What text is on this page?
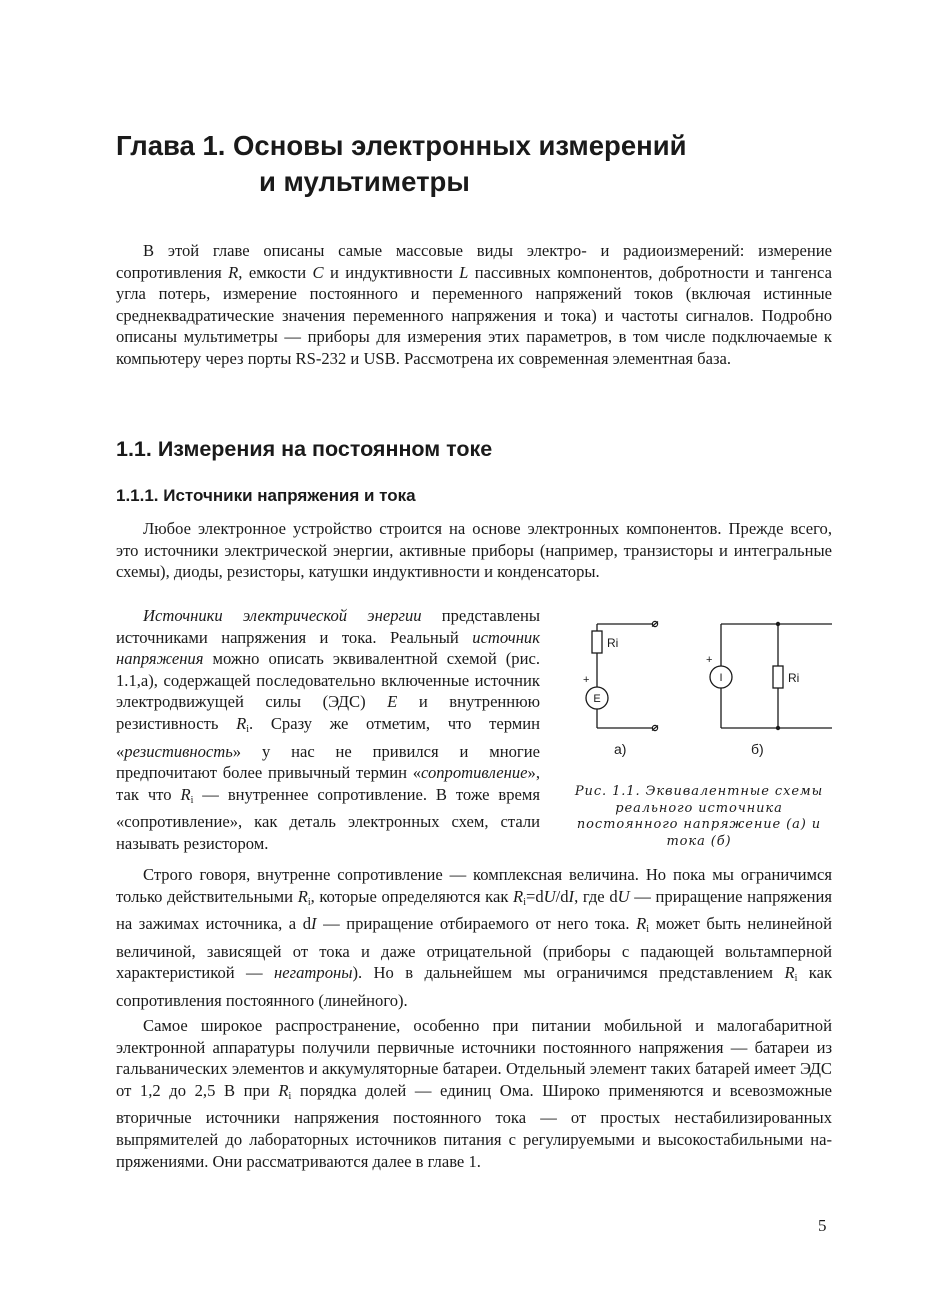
Глава 1. Основы электронных измерений
и мультиметры

В этой главе описаны самые массовые виды электро- и радиоизмерений: измерение сопротивления R, емкости C и индуктивности L пассивных компонентов, добротности и тангенса угла потерь, измерение постоянного и переменного напряжений токов (включая истинные среднеквадратические значения переменного напряжения и тока) и частоты сигналов. Подробно описаны мультиметры — приборы для измерения этих параметров, в том числе подключаемые к компьютеру через порты RS-232 и USB. Рассмотрена их современная элементная база.

1.1. Измерения на постоянном токе
1.1.1. Источники напряжения и тока

Любое электронное устройство строится на основе электронных компонентов. Прежде всего, это источники электрической энергии, активные приборы (например, транзисторы и интегральные схемы), диоды, резисторы, катушки индуктивности и конденсаторы.

Источники электрической энергии представлены источниками напряжения и тока. Реальный источник напряжения можно описать эквивалентной схемой (рис. 1.1,а), содержащей последовательно включенные источник электродвижущей силы (ЭДС) E и внутреннюю резистивность $R_i$. Сразу же отметим, что термин «резистивность» у нас не привился и многие предпочитают более привычный термин «сопротивление», так что $R_i$ — внутреннее сопротивление. В тоже время «сопротивление», как деталь электронных схем, стали называть резистором.

Ri
Ri
E
I
+
+
а)	б)

Рис. 1.1. Эквивалентные схемы реального источника постоянного напряжение (а) и тока (б)

Строго говоря, внутренне сопротивление — комплексная величина. Но пока мы ограничимся только действительными $R_i$, которые определяются как $R_i=dU/dI$, где dU — приращение напряжения на зажимах источника, а dI — приращение отбираемого от него тока. $R_i$ может быть нелинейной величиной, зависящей от тока и даже отрицательной (приборы с падающей вольтамперной характеристикой — негатроны). Но в дальнейшем мы ограничимся представлением $R_i$ как сопротивления постоянного (линейного).

Самое широкое распространение, особенно при питании мобильной и малогабаритной электронной аппаратуры получили первичные источники постоянного напряжения — батареи из гальванических элементов и аккумуляторные батареи. Отдельный элемент таких батарей имеет ЭДС от 1,2 до 2,5 В при $R_i$ порядка долей — единиц Ома. Широко применяются и всевозможные вторичные источники напряжения постоянного тока — от простых нестабилизированных выпрямителей до лабораторных источников питания с регулируемыми и высокостабильными напряжениями. Они рассматриваются далее в главе 1.

5
